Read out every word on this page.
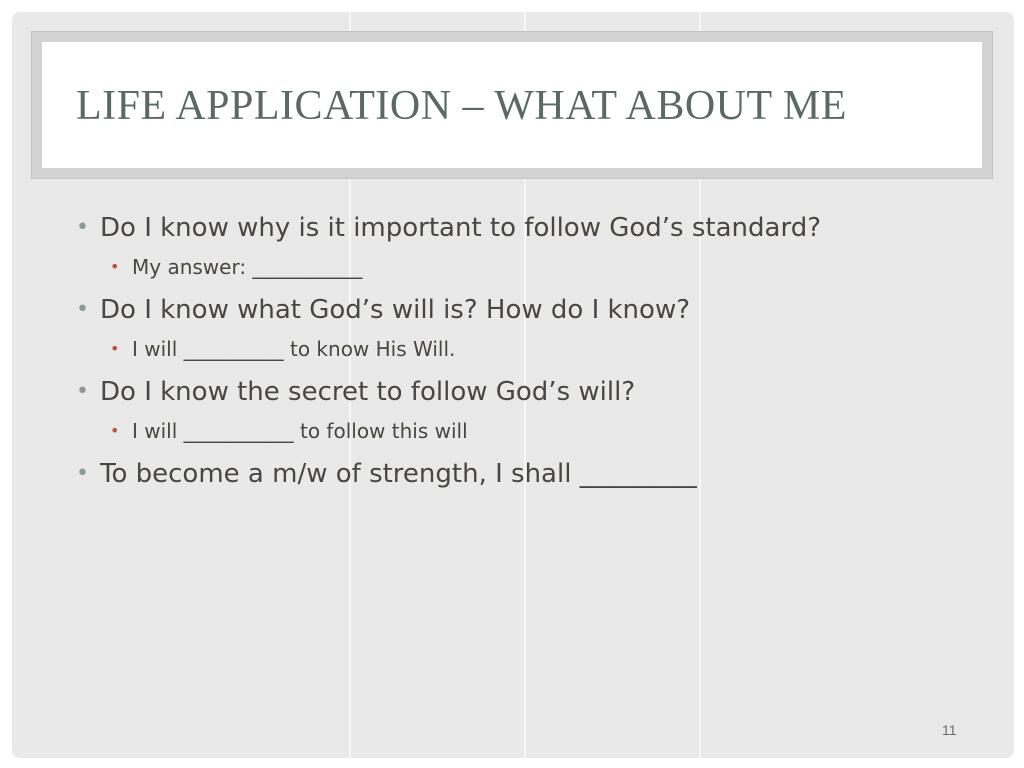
LIFE APPLICATION – WHAT ABOUT ME
• Do I know why is it important to follow God’s standard?
• My answer: ___________
• Do I know what God’s will is? How do I know?
• I will __________ to know His Will.
• Do I know the secret to follow God’s will?
• I will ___________ to follow this will
• To become a m/w of strength, I shall _________
11
